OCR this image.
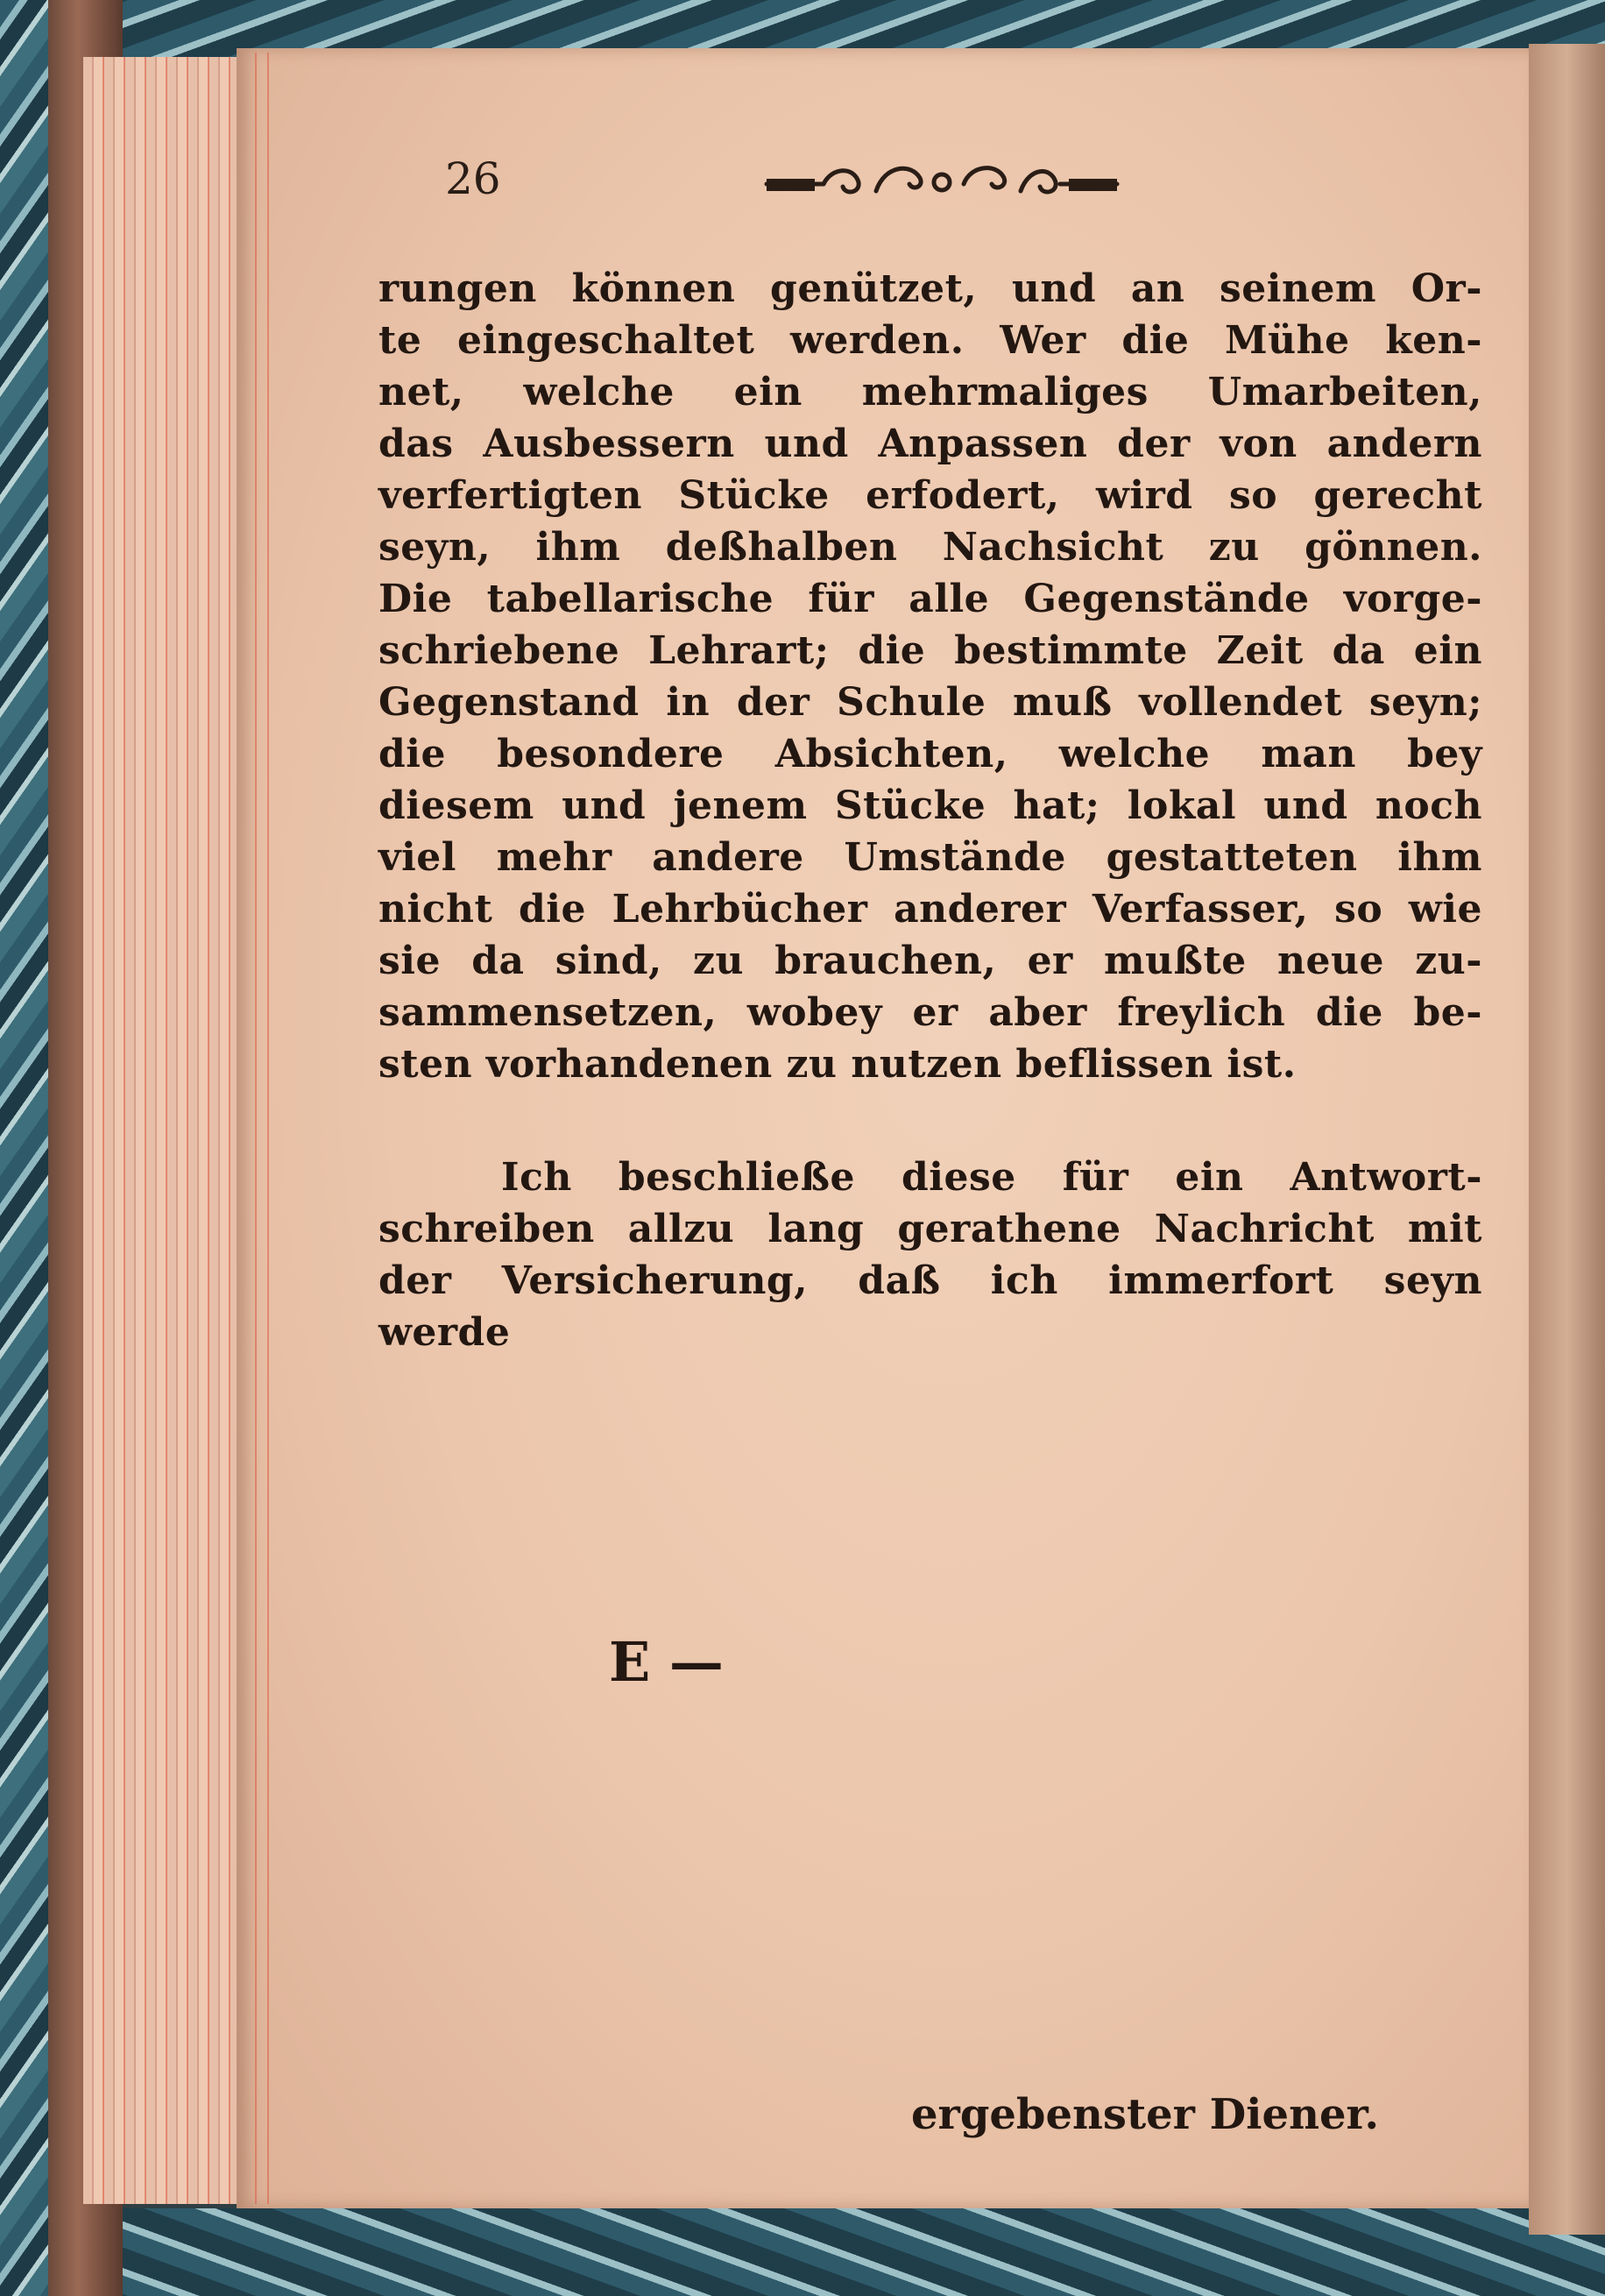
26
rungen können genützet, und an seinem Or-
te eingeschaltet werden. Wer die Mühe ken-
net, welche ein mehrmaliges Umarbeiten,
das Ausbessern und Anpassen der von andern
verfertigten Stücke erfodert, wird so gerecht
seyn, ihm deßhalben Nachsicht zu gönnen.
Die tabellarische für alle Gegenstände vorge-
schriebene Lehrart; die bestimmte Zeit da ein
Gegenstand in der Schule muß vollendet seyn;
die besondere Absichten, welche man bey
diesem und jenem Stücke hat; lokal und noch
viel mehr andere Umstände gestatteten ihm
nicht die Lehrbücher anderer Verfasser, so wie
sie da sind, zu brauchen, er mußte neue zu-
sammensetzen, wobey er aber freylich die be-
sten vorhandenen zu nutzen beflissen ist.
Ich beschließe diese für ein Antwort-
schreiben allzu lang gerathene Nachricht mit
der Versicherung, daß ich immerfort seyn
werde
E —
ergebenster Diener.
